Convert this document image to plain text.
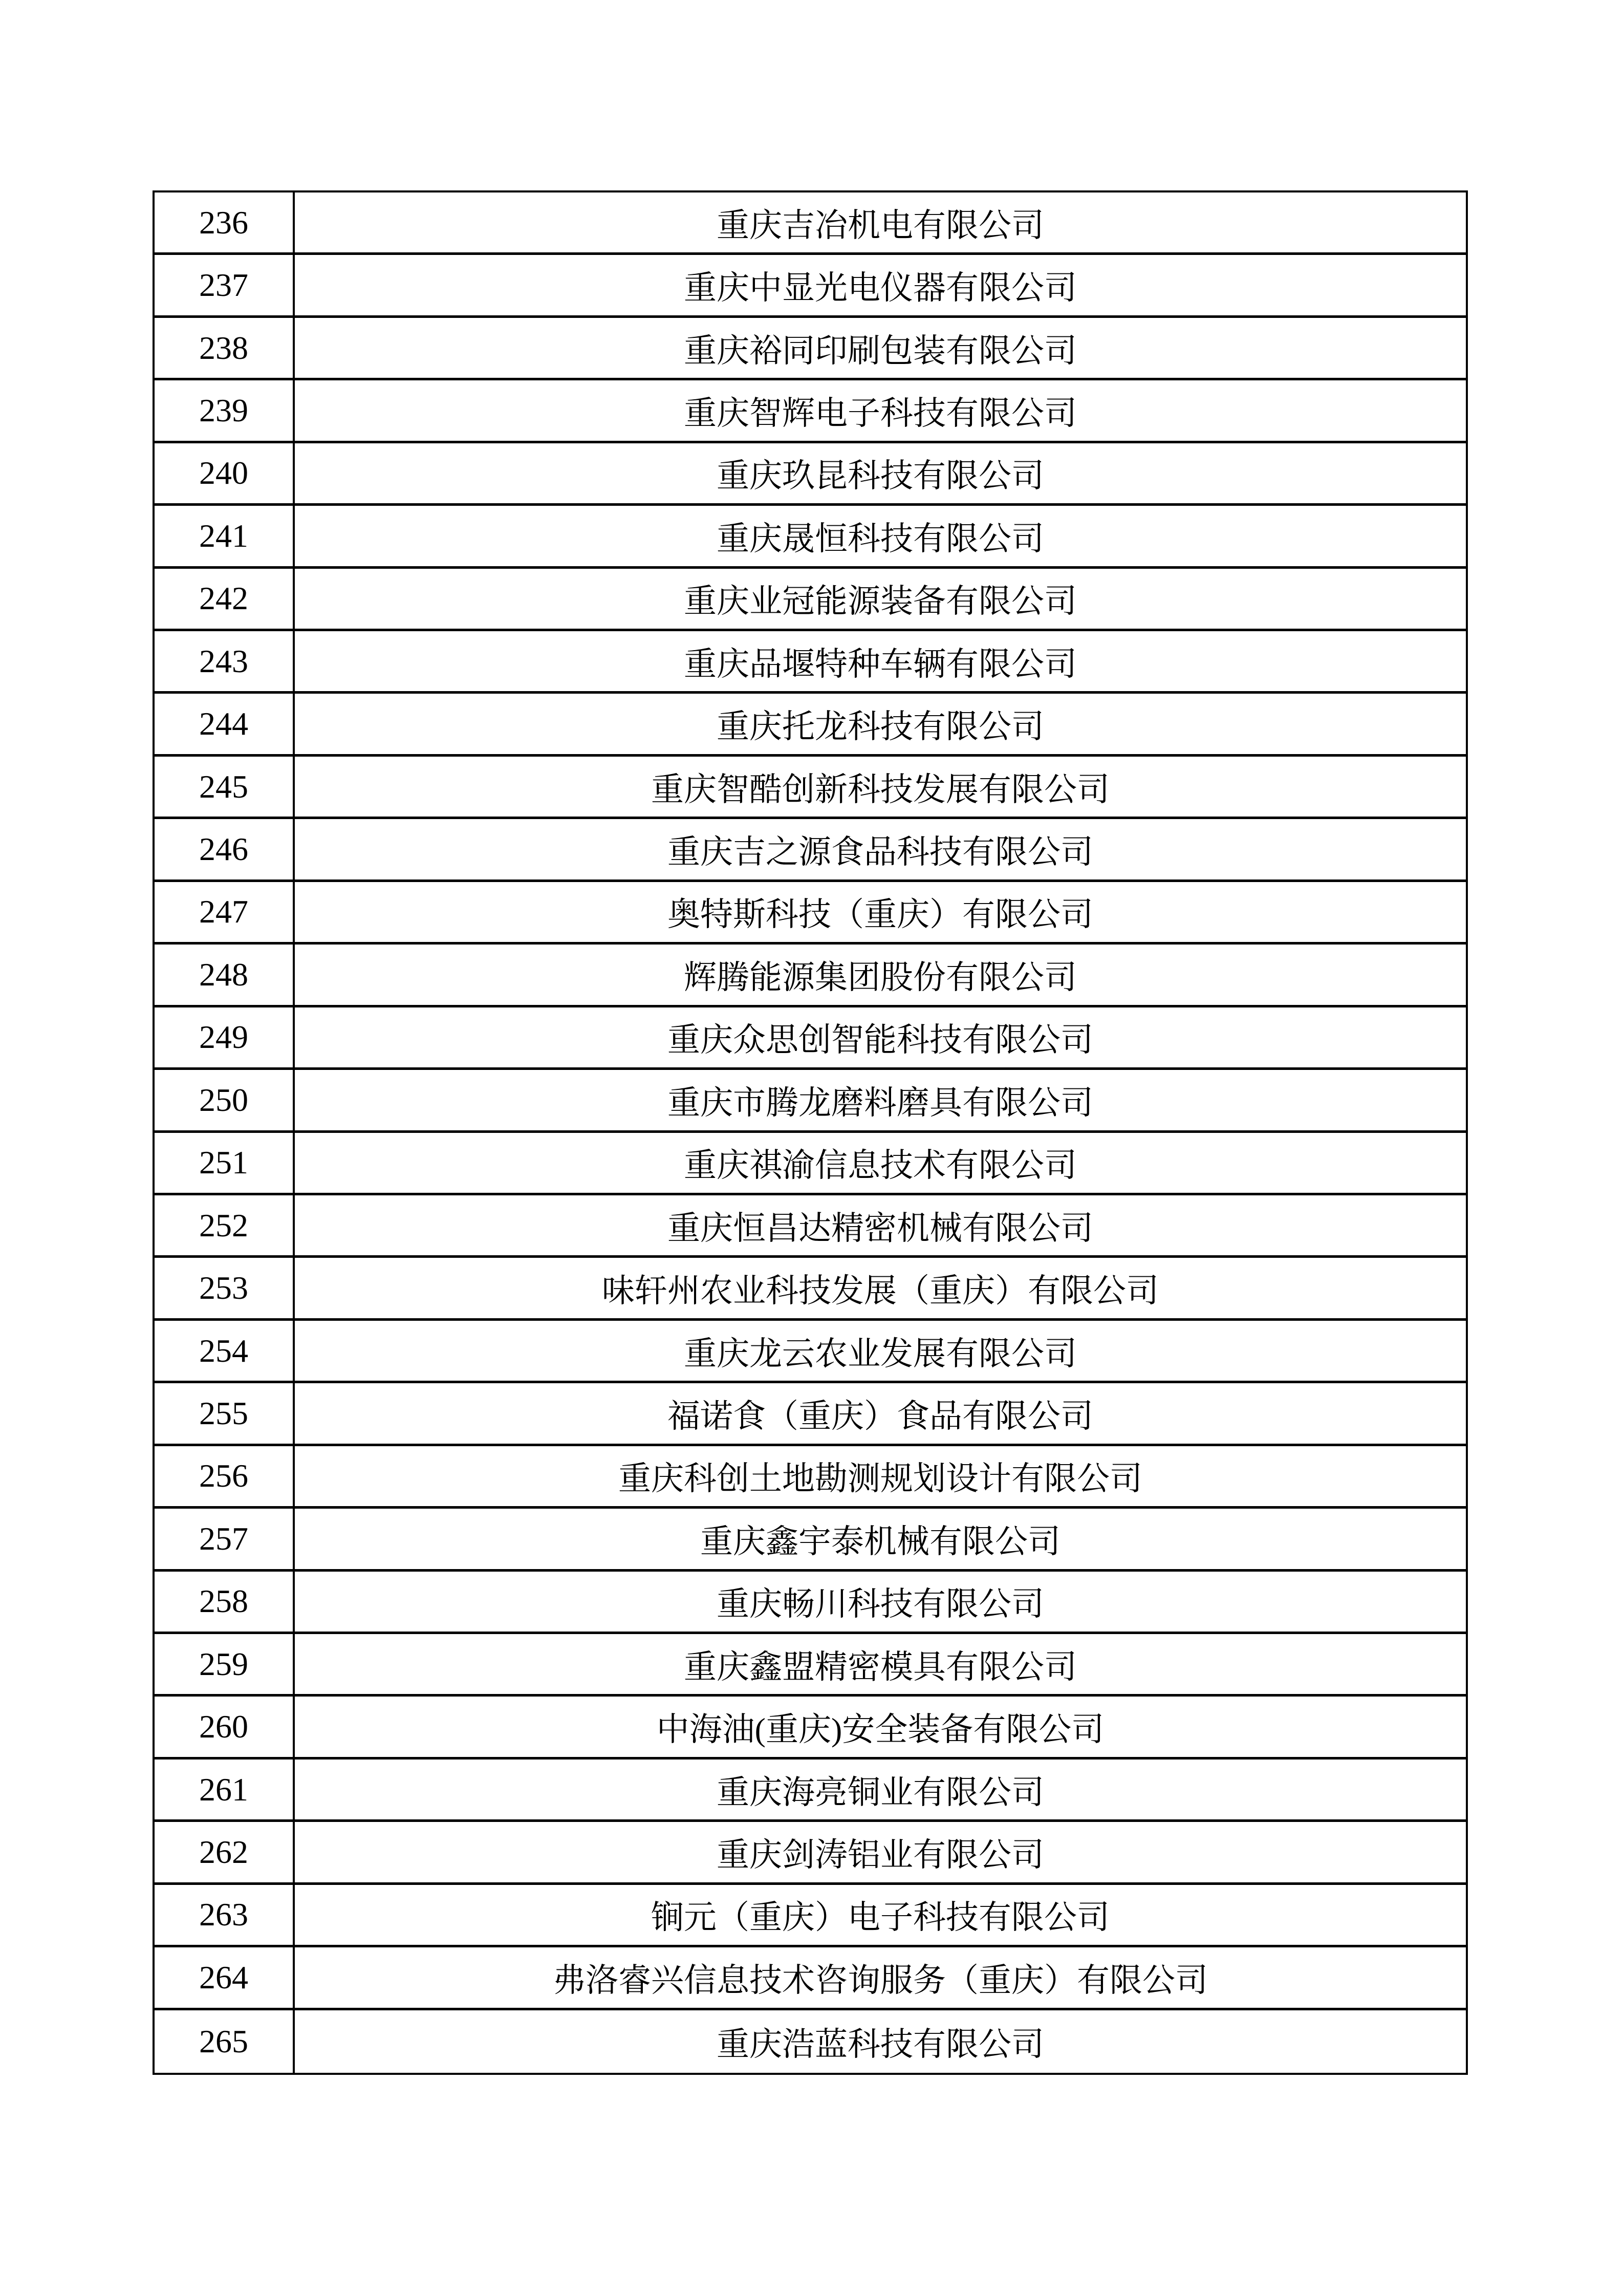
236	重庆吉冶机电有限公司
237	重庆中显光电仪器有限公司
238	重庆裕同印刷包装有限公司
239	重庆智辉电子科技有限公司
240	重庆玖昆科技有限公司
241	重庆晟恒科技有限公司
242	重庆业冠能源装备有限公司
243	重庆品堰特种车辆有限公司
244	重庆托龙科技有限公司
245	重庆智酷创新科技发展有限公司
246	重庆吉之源食品科技有限公司
247	奥特斯科技（重庆）有限公司
248	辉腾能源集团股份有限公司
249	重庆众思创智能科技有限公司
250	重庆市腾龙磨料磨具有限公司
251	重庆祺渝信息技术有限公司
252	重庆恒昌达精密机械有限公司
253	味轩州农业科技发展（重庆）有限公司
254	重庆龙云农业发展有限公司
255	福诺食（重庆）食品有限公司
256	重庆科创土地勘测规划设计有限公司
257	重庆鑫宇泰机械有限公司
258	重庆畅川科技有限公司
259	重庆鑫盟精密模具有限公司
260	中海油(重庆)安全装备有限公司
261	重庆海亮铜业有限公司
262	重庆剑涛铝业有限公司
263	锏元（重庆）电子科技有限公司
264	弗洛睿兴信息技术咨询服务（重庆）有限公司
265	重庆浩蓝科技有限公司
